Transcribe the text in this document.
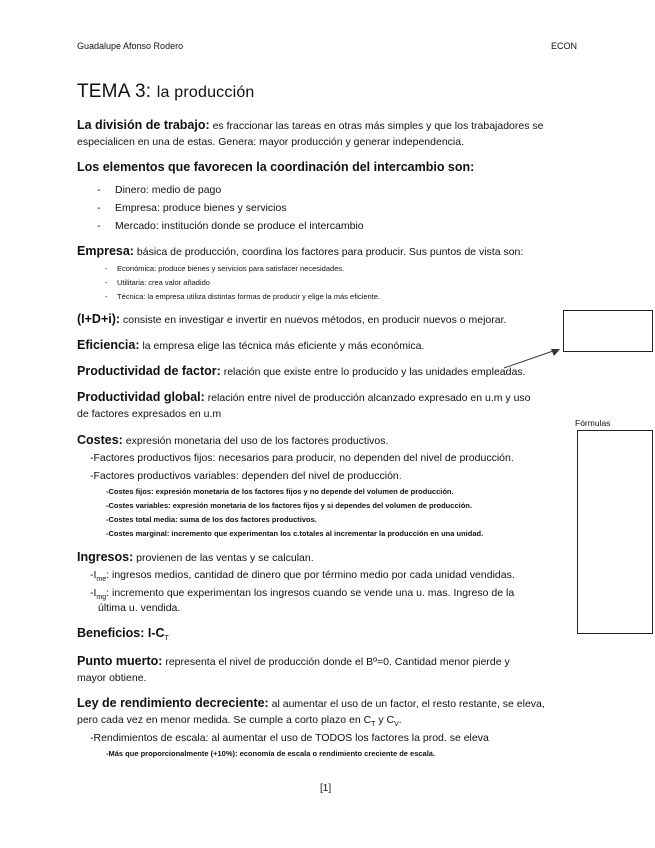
Guadalupe Afonso Rodero	ECON
TEMA 3: la producción
La división de trabajo: es fraccionar las tareas en otras más simples y que los trabajadores se
especialicen en una de estas. Genera: mayor producción y generar independencia.
Los elementos que favorecen la coordinación del intercambio son:
- Dinero: medio de pago
- Empresa: produce bienes y servicios
- Mercado: institución donde se produce el intercambio
Empresa: básica de producción, coordina los factores para producir. Sus puntos de vista son:
- Económica: produce bienes y servicios para satisfacer necesidades.
- Utilitaria: crea valor añadido
- Técnica: la empresa utiliza distintas formas de producir y elige la más eficiente.
(I+D+i): consiste en investigar e invertir en nuevos métodos, en producir nuevos o mejorar.
Eficiencia: la empresa elige las técnica más eficiente y más económica.
Productividad de factor: relación que existe entre lo producido y las unidades empleadas.
Productividad global: relación entre nivel de producción alcanzado expresado en u.m y uso
de factores expresados en u.m
Fórmulas
Costes: expresión monetaria del uso de los factores productivos.
-Factores productivos fijos: necesarios para producir, no dependen del nivel de producción.
-Factores productivos variables: dependen del nivel de producción.
-Costes fijos: expresión monetaria de los factores fijos y no depende del volumen de producción.
-Costes variables: expresión monetaria de los factores fijos y si dependes del volumen de producción.
-Costes total media: suma de los dos factores productivos.
-Costes marginal: incremento que experimentan los c.totales al incrementar la producción en una unidad.
Ingresos: provienen de las ventas y se calculan.
$-I_{me}$: ingresos medios, cantidad de dinero que por término medio por cada unidad vendidas.
$-I_{mg}$: incremento que experimentan los ingresos cuando se vende una u. mas. Ingreso de la
última u. vendida.
Beneficios: $I-C_T$
Punto muerto: representa el nivel de producción donde el Bº=0. Cantidad menor pierde y
mayor obtiene.
Ley de rendimiento decreciente: al aumentar el uso de un factor, el resto restante, se eleva,
pero cada vez en menor medida. Se cumple a corto plazo en $C_T$ y $C_V$.
-Rendimientos de escala: al aumentar el uso de TODOS los factores la prod. se eleva
-Más que proporcionalmente (+10%): economía de escala o rendimiento creciente de escala.
[1]
